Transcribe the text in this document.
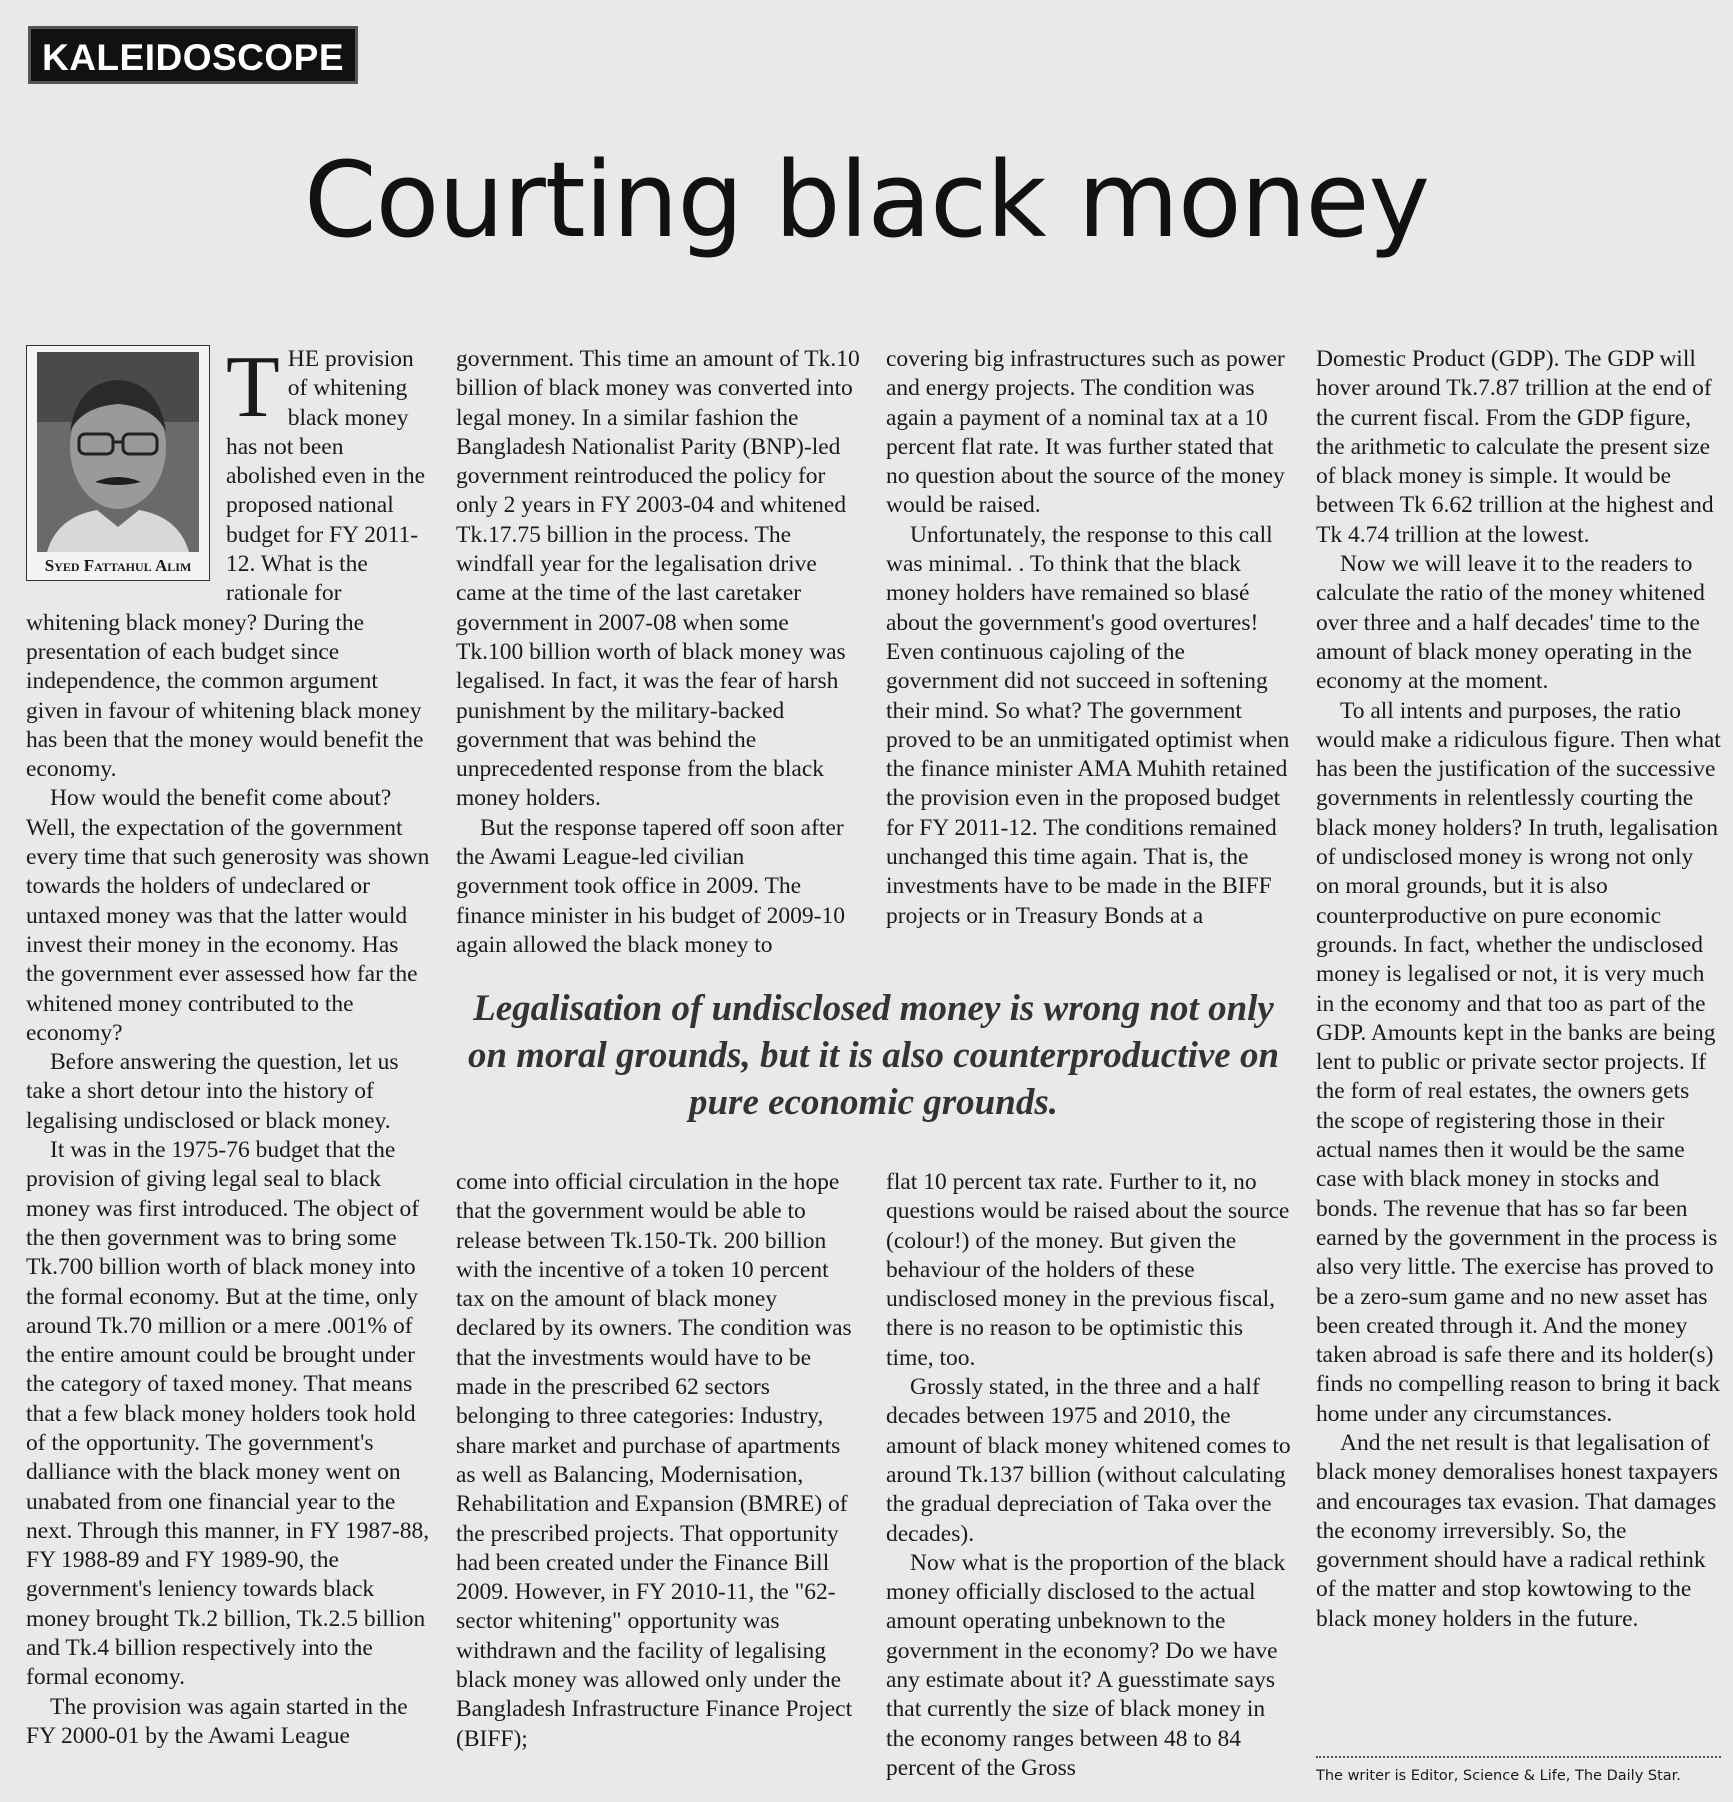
KALEIDOSCOPE
Courting black money
Syed Fattahul Alim
T HE provision of whitening black money has not been abolished even in the proposed national budget for FY 2011-12. What is the rationale for whitening black money? During the presentation of each budget since independence, the common argument given in favour of whitening black money has been that the money would benefit the economy.

How would the benefit come about? Well, the expectation of the government every time that such generosity was shown towards the holders of undeclared or untaxed money was that the latter would invest their money in the economy. Has the government ever assessed how far the whitened money contributed to the economy?

Before answering the question, let us take a short detour into the history of legalising undisclosed or black money.

It was in the 1975-76 budget that the provision of giving legal seal to black money was first introduced. The object of the then government was to bring some Tk.700 billion worth of black money into the formal economy. But at the time, only around Tk.70 million or a mere .001% of the entire amount could be brought under the category of taxed money. That means that a few black money holders took hold of the opportunity. The government's dalliance with the black money went on unabated from one financial year to the next. Through this manner, in FY 1987-88, FY 1988-89 and FY 1989-90, the government's leniency towards black money brought Tk.2 billion, Tk.2.5 billion and Tk.4 billion respectively into the formal economy.

The provision was again started in the FY 2000-01 by the Awami League

government. This time an amount of Tk.10 billion of black money was converted into legal money. In a similar fashion the Bangladesh Nationalist Parity (BNP)-led government reintroduced the policy for only 2 years in FY 2003-04 and whitened Tk.17.75 billion in the process. The windfall year for the legalisation drive came at the time of the last caretaker government in 2007-08 when some Tk.100 billion worth of black money was legalised. In fact, it was the fear of harsh punishment by the military-backed government that was behind the unprecedented response from the black money holders.

But the response tapered off soon after the Awami League-led civilian government took office in 2009. The finance minister in his budget of 2009-10 again allowed the black money to

come into official circulation in the hope that the government would be able to release between Tk.150-Tk. 200 billion with the incentive of a token 10 percent tax on the amount of black money declared by its owners. The condition was that the investments would have to be made in the prescribed 62 sectors belonging to three categories: Industry, share market and purchase of apartments as well as Balancing, Modernisation, Rehabilitation and Expansion (BMRE) of the prescribed projects. That opportunity had been created under the Finance Bill 2009. However, in FY 2010-11, the "62-sector whitening" opportunity was withdrawn and the facility of legalising black money was allowed only under the Bangladesh Infrastructure Finance Project (BIFF);

covering big infrastructures such as power and energy projects. The condition was again a payment of a nominal tax at a 10 percent flat rate. It was further stated that no question about the source of the money would be raised.

Unfortunately, the response to this call was minimal. . To think that the black money holders have remained so blasé about the government's good overtures! Even continuous cajoling of the government did not succeed in softening their mind. So what? The government proved to be an unmitigated optimist when the finance minister AMA Muhith retained the provision even in the proposed budget for FY 2011-12. The conditions remained unchanged this time again. That is, the investments have to be made in the BIFF projects or in Treasury Bonds at a

flat 10 percent tax rate. Further to it, no questions would be raised about the source (colour!) of the money. But given the behaviour of the holders of these undisclosed money in the previous fiscal, there is no reason to be optimistic this time, too.

Grossly stated, in the three and a half decades between 1975 and 2010, the amount of black money whitened comes to around Tk.137 billion (without calculating the gradual depreciation of Taka over the decades).

Now what is the proportion of the black money officially disclosed to the actual amount operating unbeknown to the government in the economy? Do we have any estimate about it? A guesstimate says that currently the size of black money in the economy ranges between 48 to 84 percent of the Gross

Legalisation of undisclosed money is wrong not only on moral grounds, but it is also counterproductive on pure economic grounds.

Domestic Product (GDP). The GDP will hover around Tk.7.87 trillion at the end of the current fiscal. From the GDP figure, the arithmetic to calculate the present size of black money is simple. It would be between Tk 6.62 trillion at the highest and Tk 4.74 trillion at the lowest.

Now we will leave it to the readers to calculate the ratio of the money whitened over three and a half decades' time to the amount of black money operating in the economy at the moment.

To all intents and purposes, the ratio would make a ridiculous figure. Then what has been the justification of the successive governments in relentlessly courting the black money holders? In truth, legalisation of undisclosed money is wrong not only on moral grounds, but it is also counterproductive on pure economic grounds. In fact, whether the undisclosed money is legalised or not, it is very much in the economy and that too as part of the GDP. Amounts kept in the banks are being lent to public or private sector projects. If the form of real estates, the owners gets the scope of registering those in their actual names then it would be the same case with black money in stocks and bonds. The revenue that has so far been earned by the government in the process is also very little. The exercise has proved to be a zero-sum game and no new asset has been created through it. And the money taken abroad is safe there and its holder(s) finds no compelling reason to bring it back home under any circumstances.

And the net result is that legalisation of black money demoralises honest taxpayers and encourages tax evasion. That damages the economy irreversibly. So, the government should have a radical rethink of the matter and stop kowtowing to the black money holders in the future.

The writer is Editor, Science & Life, The Daily Star.
